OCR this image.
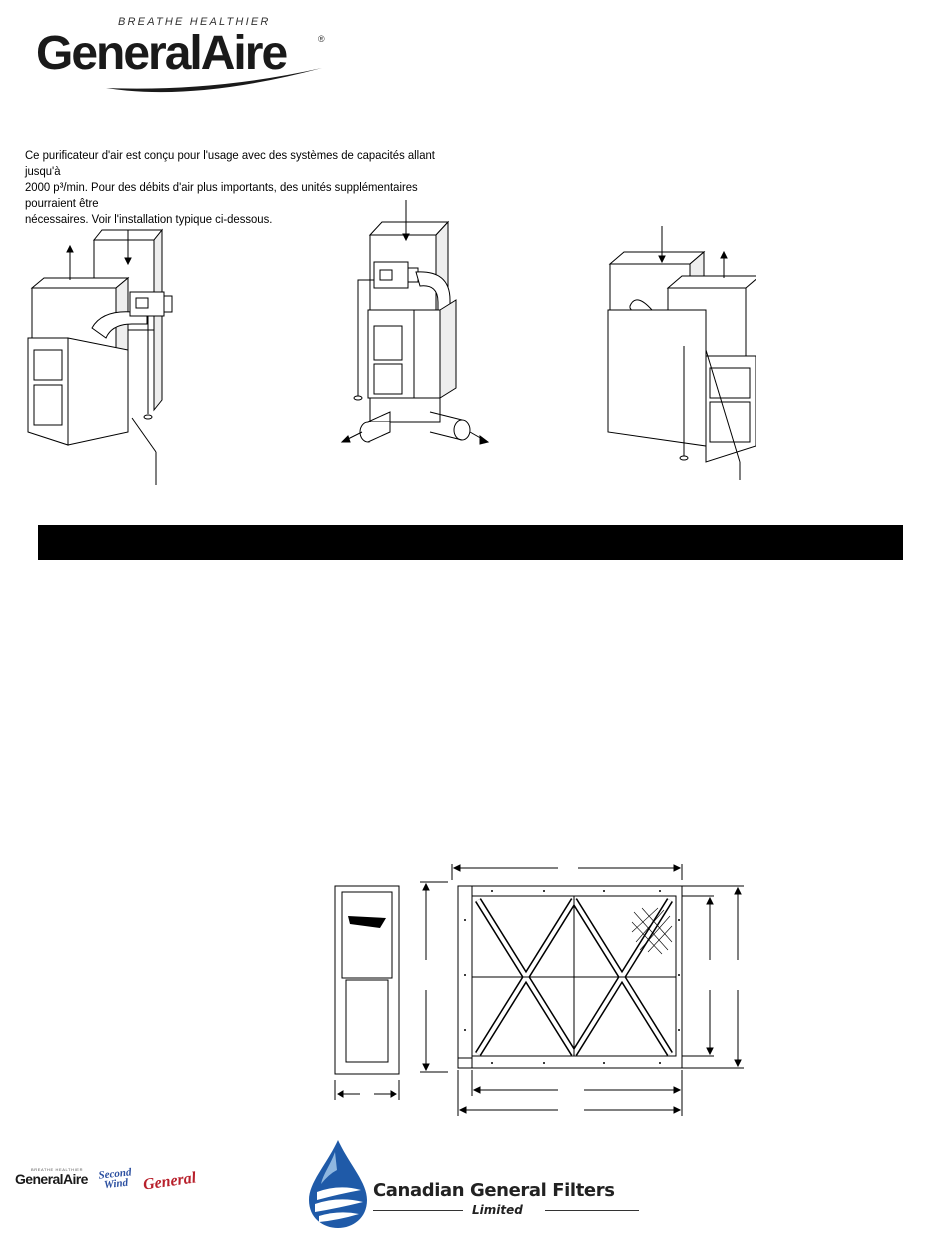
BREATHE HEALTHIER
GeneralAire	®
Ce purificateur d'air est conçu pour l'usage avec des systèmes de capacités allant jusqu'à
2000 p³/min. Pour des débits d'air plus importants, des unités supplémentaires pourraient être
nécessaires. Voir l'installation typique ci-dessous.
BREATHE HEALTHIER
GeneralAire Second
Wind General	Canadian General Filters
Limited
